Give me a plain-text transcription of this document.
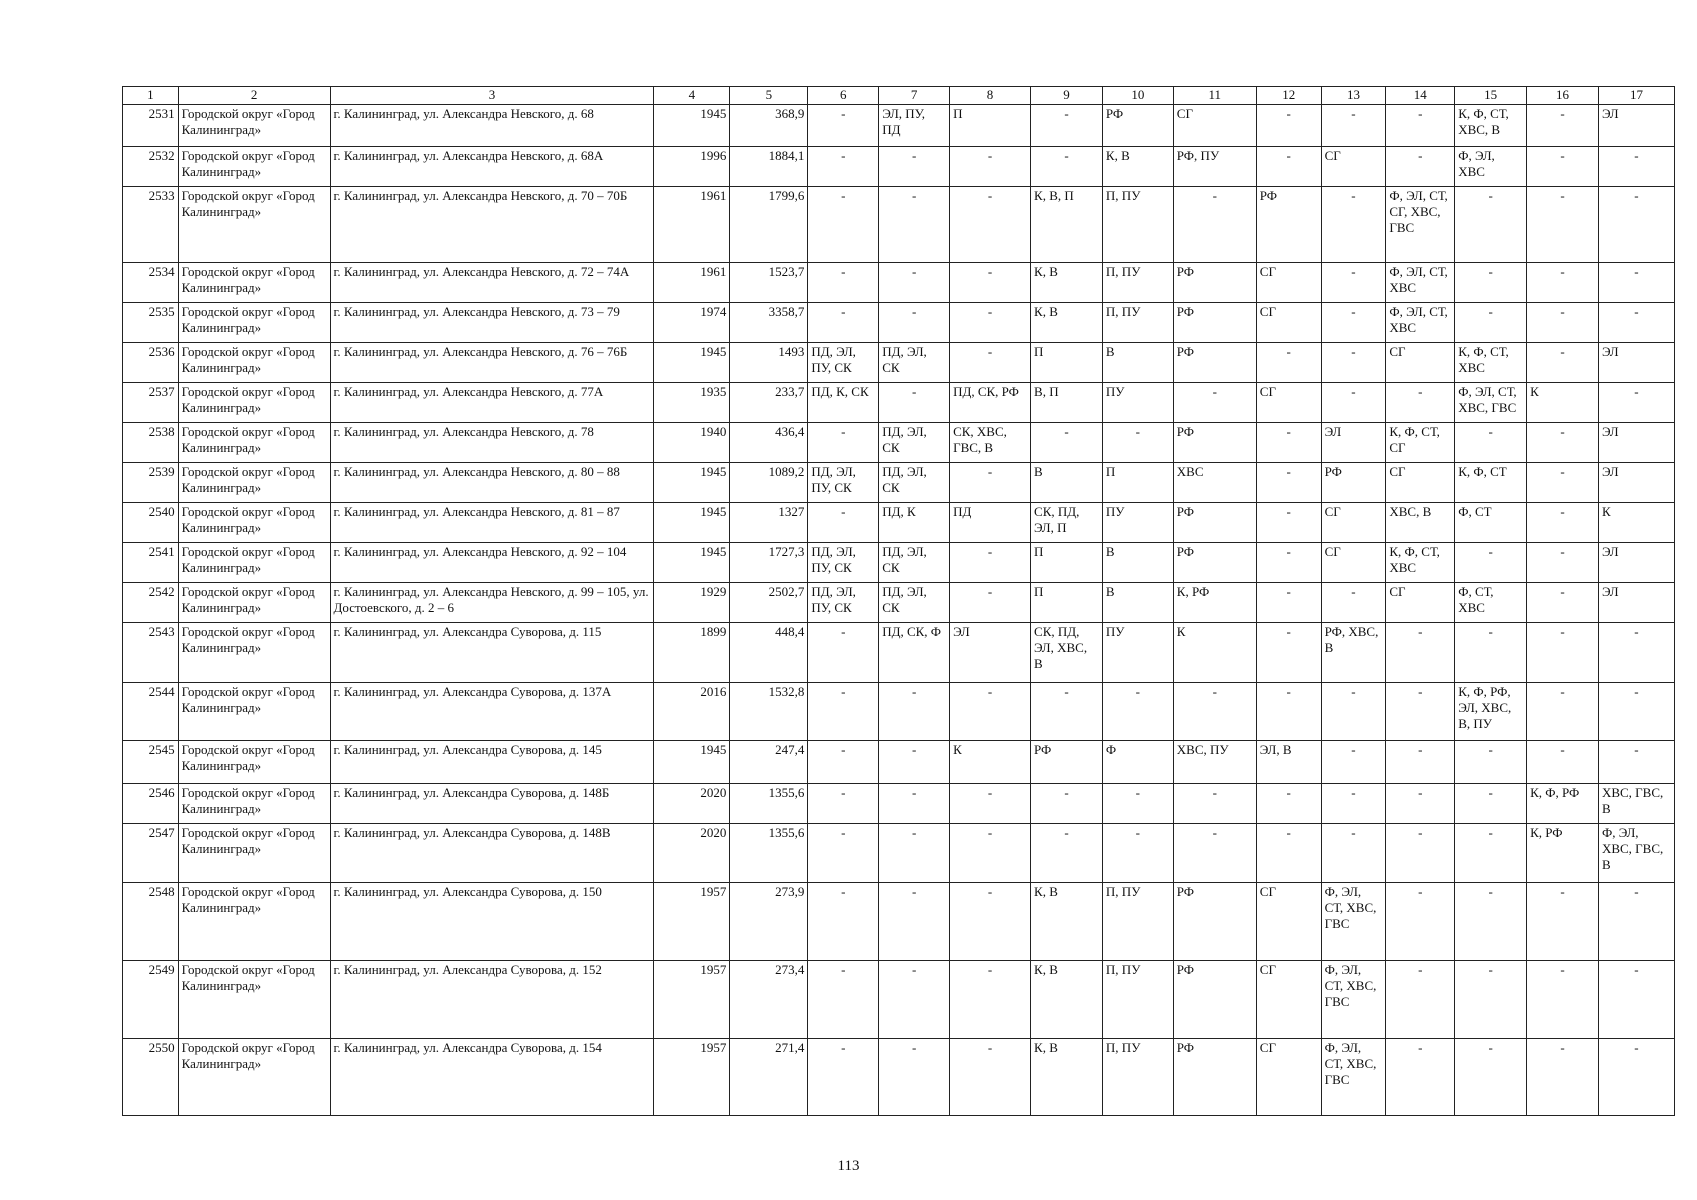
1	2	3	4	5	6	7	8	9	10	11	12	13	14	15	16	17
2531	Городской округ «Город Калининград»	г. Калининград, ул. Александра Невского, д. 68	1945	368,9	-	ЭЛ, ПУ, ПД	П	-	РФ	СГ	-	-	-	К, Ф, СТ, ХВС, В	-	ЭЛ
2532	Городской округ «Город Калининград»	г. Калининград, ул. Александра Невского, д. 68А	1996	1884,1	-	-	-	-	К, В	РФ, ПУ	-	СГ	-	Ф, ЭЛ, ХВС	-	-
2533	Городской округ «Город Калининград»	г. Калининград, ул. Александра Невского, д. 70 – 70Б	1961	1799,6	-	-	-	К, В, П	П, ПУ	-	РФ	-	Ф, ЭЛ, СТ, СГ, ХВС, ГВС	-	-	-
2534	Городской округ «Город Калининград»	г. Калининград, ул. Александра Невского, д. 72 – 74А	1961	1523,7	-	-	-	К, В	П, ПУ	РФ	СГ	-	Ф, ЭЛ, СТ, ХВС	-	-	-
2535	Городской округ «Город Калининград»	г. Калининград, ул. Александра Невского, д. 73 – 79	1974	3358,7	-	-	-	К, В	П, ПУ	РФ	СГ	-	Ф, ЭЛ, СТ, ХВС	-	-	-
2536	Городской округ «Город Калининград»	г. Калининград, ул. Александра Невского, д. 76 – 76Б	1945	1493	ПД, ЭЛ, ПУ, СК	ПД, ЭЛ, СК	-	П	В	РФ	-	-	СГ	К, Ф, СТ, ХВС	-	ЭЛ
2537	Городской округ «Город Калининград»	г. Калининград, ул. Александра Невского, д. 77А	1935	233,7	ПД, К, СК	-	ПД, СК, РФ	В, П	ПУ	-	СГ	-	-	Ф, ЭЛ, СТ, ХВС, ГВС	К	-
2538	Городской округ «Город Калининград»	г. Калининград, ул. Александра Невского, д. 78	1940	436,4	-	ПД, ЭЛ, СК	СК, ХВС, ГВС, В	-	-	РФ	-	ЭЛ	К, Ф, СТ, СГ	-	-	ЭЛ
2539	Городской округ «Город Калининград»	г. Калининград, ул. Александра Невского, д. 80 – 88	1945	1089,2	ПД, ЭЛ, ПУ, СК	ПД, ЭЛ, СК	-	В	П	ХВС	-	РФ	СГ	К, Ф, СТ	-	ЭЛ
2540	Городской округ «Город Калининград»	г. Калининград, ул. Александра Невского, д. 81 – 87	1945	1327	-	ПД, К	ПД	СК, ПД, ЭЛ, П	ПУ	РФ	-	СГ	ХВС, В	Ф, СТ	-	К
2541	Городской округ «Город Калининград»	г. Калининград, ул. Александра Невского, д. 92 – 104	1945	1727,3	ПД, ЭЛ, ПУ, СК	ПД, ЭЛ, СК	-	П	В	РФ	-	СГ	К, Ф, СТ, ХВС	-	-	ЭЛ
2542	Городской округ «Город Калининград»	г. Калининград, ул. Александра Невского, д. 99 – 105, ул. Достоевского, д. 2 – 6	1929	2502,7	ПД, ЭЛ, ПУ, СК	ПД, ЭЛ, СК	-	П	В	К, РФ	-	-	СГ	Ф, СТ, ХВС	-	ЭЛ
2543	Городской округ «Город Калининград»	г. Калининград, ул. Александра Суворова, д. 115	1899	448,4	-	ПД, СК, Ф	ЭЛ	СК, ПД, ЭЛ, ХВС, В	ПУ	К	-	РФ, ХВС, В	-	-	-	-
2544	Городской округ «Город Калининград»	г. Калининград, ул. Александра Суворова, д. 137А	2016	1532,8	-	-	-	-	-	-	-	-	-	К, Ф, РФ, ЭЛ, ХВС, В, ПУ	-	-
2545	Городской округ «Город Калининград»	г. Калининград, ул. Александра Суворова, д. 145	1945	247,4	-	-	К	РФ	Ф	ХВС, ПУ	ЭЛ, В	-	-	-	-	-
2546	Городской округ «Город Калининград»	г. Калининград, ул. Александра Суворова, д. 148Б	2020	1355,6	-	-	-	-	-	-	-	-	-	-	К, Ф, РФ	ХВС, ГВС, В
2547	Городской округ «Город Калининград»	г. Калининград, ул. Александра Суворова, д. 148В	2020	1355,6	-	-	-	-	-	-	-	-	-	-	К, РФ	Ф, ЭЛ, ХВС, ГВС, В
2548	Городской округ «Город Калининград»	г. Калининград, ул. Александра Суворова, д. 150	1957	273,9	-	-	-	К, В	П, ПУ	РФ	СГ	Ф, ЭЛ, СТ, ХВС, ГВС	-	-	-	-
2549	Городской округ «Город Калининград»	г. Калининград, ул. Александра Суворова, д. 152	1957	273,4	-	-	-	К, В	П, ПУ	РФ	СГ	Ф, ЭЛ, СТ, ХВС, ГВС	-	-	-	-
2550	Городской округ «Город Калининград»	г. Калининград, ул. Александра Суворова, д. 154	1957	271,4	-	-	-	К, В	П, ПУ	РФ	СГ	Ф, ЭЛ, СТ, ХВС, ГВС	-	-	-	-
113
